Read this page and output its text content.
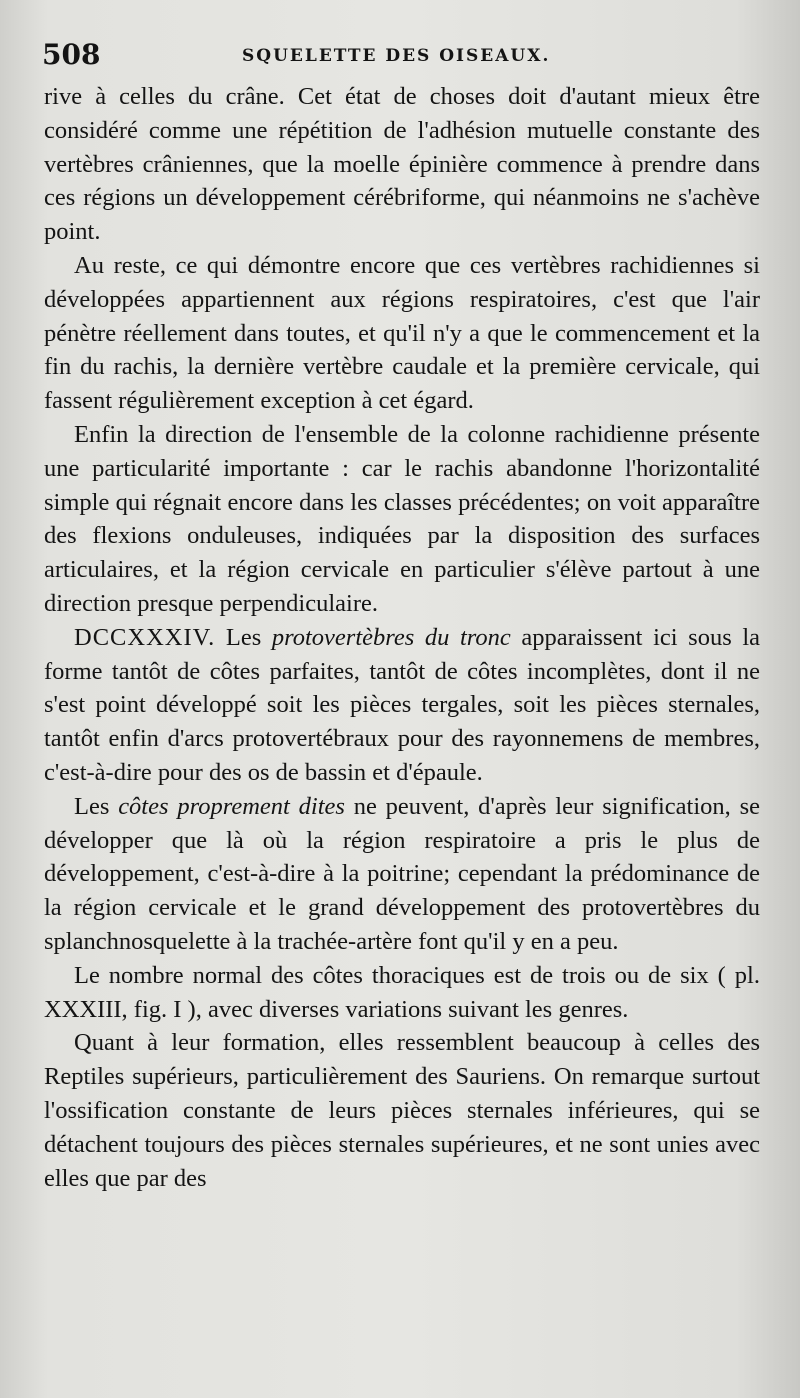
508	SQUELETTE DES OISEAUX.

rive à celles du crâne. Cet état de choses doit d'autant mieux être considéré comme une répétition de l'adhésion mutuelle constante des vertèbres crâniennes, que la moelle épinière commence à prendre dans ces régions un développement cérébriforme, qui néanmoins ne s'achève point.

Au reste, ce qui démontre encore que ces vertèbres rachidiennes si développées appartiennent aux régions respiratoires, c'est que l'air pénètre réellement dans toutes, et qu'il n'y a que le commencement et la fin du rachis, la dernière vertèbre caudale et la première cervicale, qui fassent régulièrement exception à cet égard.

Enfin la direction de l'ensemble de la colonne rachidienne présente une particularité importante : car le rachis abandonne l'horizontalité simple qui régnait encore dans les classes précédentes; on voit apparaître des flexions onduleuses, indiquées par la disposition des surfaces articulaires, et la région cervicale en particulier s'élève partout à une direction presque perpendiculaire.

DCCXXXIV. Les protovertèbres du tronc apparaissent ici sous la forme tantôt de côtes parfaites, tantôt de côtes incomplètes, dont il ne s'est point développé soit les pièces tergales, soit les pièces sternales, tantôt enfin d'arcs protovertébraux pour des rayonnemens de membres, c'est-à-dire pour des os de bassin et d'épaule.

Les côtes proprement dites ne peuvent, d'après leur signification, se développer que là où la région respiratoire a pris le plus de développement, c'est-à-dire à la poitrine; cependant la prédominance de la région cervicale et le grand développement des protovertèbres du splanchnosquelette à la trachée-artère font qu'il y en a peu.

Le nombre normal des côtes thoraciques est de trois ou de six ( pl. XXXIII, fig. I ), avec diverses variations suivant les genres.

Quant à leur formation, elles ressemblent beaucoup à celles des Reptiles supérieurs, particulièrement des Sauriens. On remarque surtout l'ossification constante de leurs pièces sternales inférieures, qui se détachent toujours des pièces sternales supérieures, et ne sont unies avec elles que par des
